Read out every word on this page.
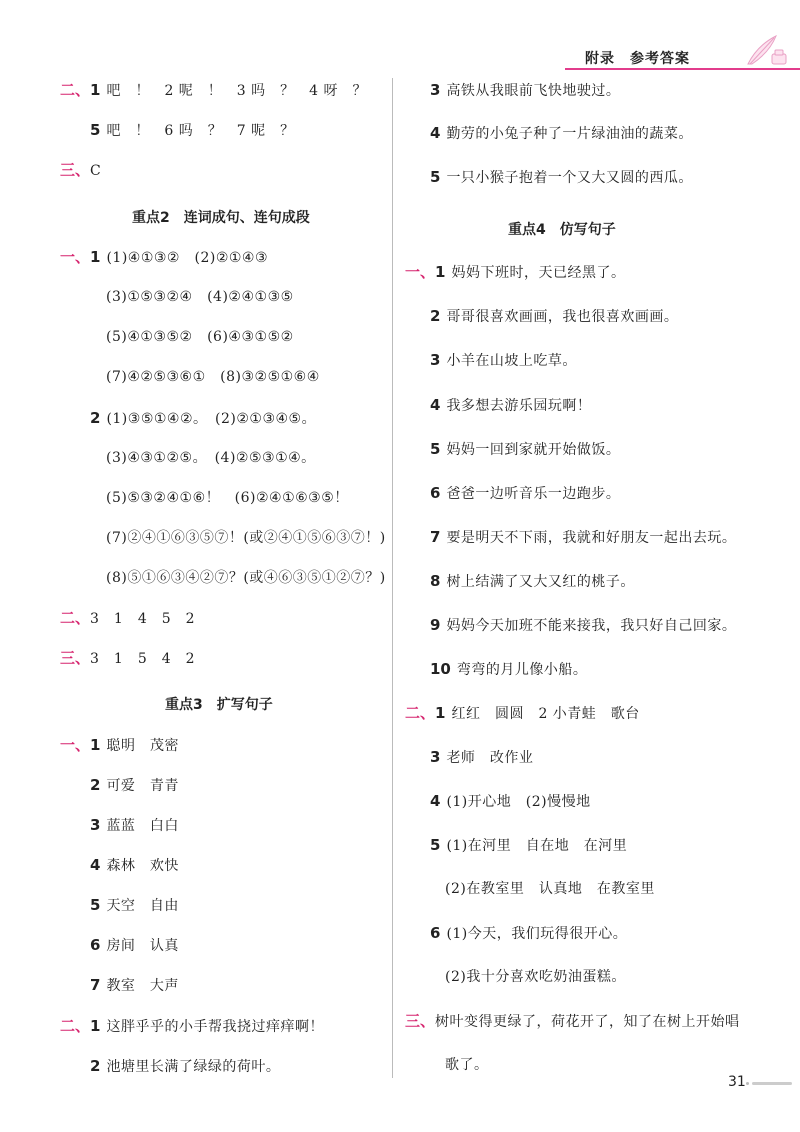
附录　参考答案
二、1 吧　！　2 呢　！　3 吗　？　4 呀　？
5 吧　！　6 吗　？　7 呢　？
三、C
重点2　连词成句、连句成段
一、1 (1)④①③②　(2)②①④③
(3)①⑤③②④　(4)②④①③⑤
(5)④①③⑤②　(6)④③①⑤②
(7)④②⑤③⑥①　(8)③②⑤①⑥④
2 (1)③⑤①④②。　(2)②①③④⑤。
(3)④③①②⑤。　(4)②⑤③①④。
(5)⑤③②④①⑥！　(6)②④①⑥③⑤！
(7)②④①⑥③⑤⑦！(或②④①⑤⑥③⑦！)
(8)⑤①⑥③④②⑦？(或④⑥③⑤①②⑦？)
二、3　1　4　5　2
三、3　1　5　4　2
重点3　扩写句子
一、1 聪明　茂密
2 可爱　青青
3 蓝蓝　白白
4 森林　欢快
5 天空　自由
6 房间　认真
7 教室　大声
二、1 这胖乎乎的小手帮我挠过痒痒啊！
2 池塘里长满了绿绿的荷叶。
3 高铁从我眼前飞快地驶过。
4 勤劳的小兔子种了一片绿油油的蔬菜。
5 一只小猴子抱着一个又大又圆的西瓜。
重点4　仿写句子
一、1 妈妈下班时，天已经黑了。
2 哥哥很喜欢画画，我也很喜欢画画。
3 小羊在山坡上吃草。
4 我多想去游乐园玩啊！
5 妈妈一回到家就开始做饭。
6 爸爸一边听音乐一边跑步。
7 要是明天不下雨，我就和好朋友一起出去玩。
8 树上结满了又大又红的桃子。
9 妈妈今天加班不能来接我，我只好自己回家。
10 弯弯的月儿像小船。
二、1 红红　圆圆　2 小青蛙　歌台
3 老师　改作业
4 (1)开心地　(2)慢慢地
5 (1)在河里　自在地　在河里
(2)在教室里　认真地　在教室里
6 (1)今天，我们玩得很开心。
(2)我十分喜欢吃奶油蛋糕。
三、树叶变得更绿了，荷花开了，知了在树上开始唱
歌了。
31
